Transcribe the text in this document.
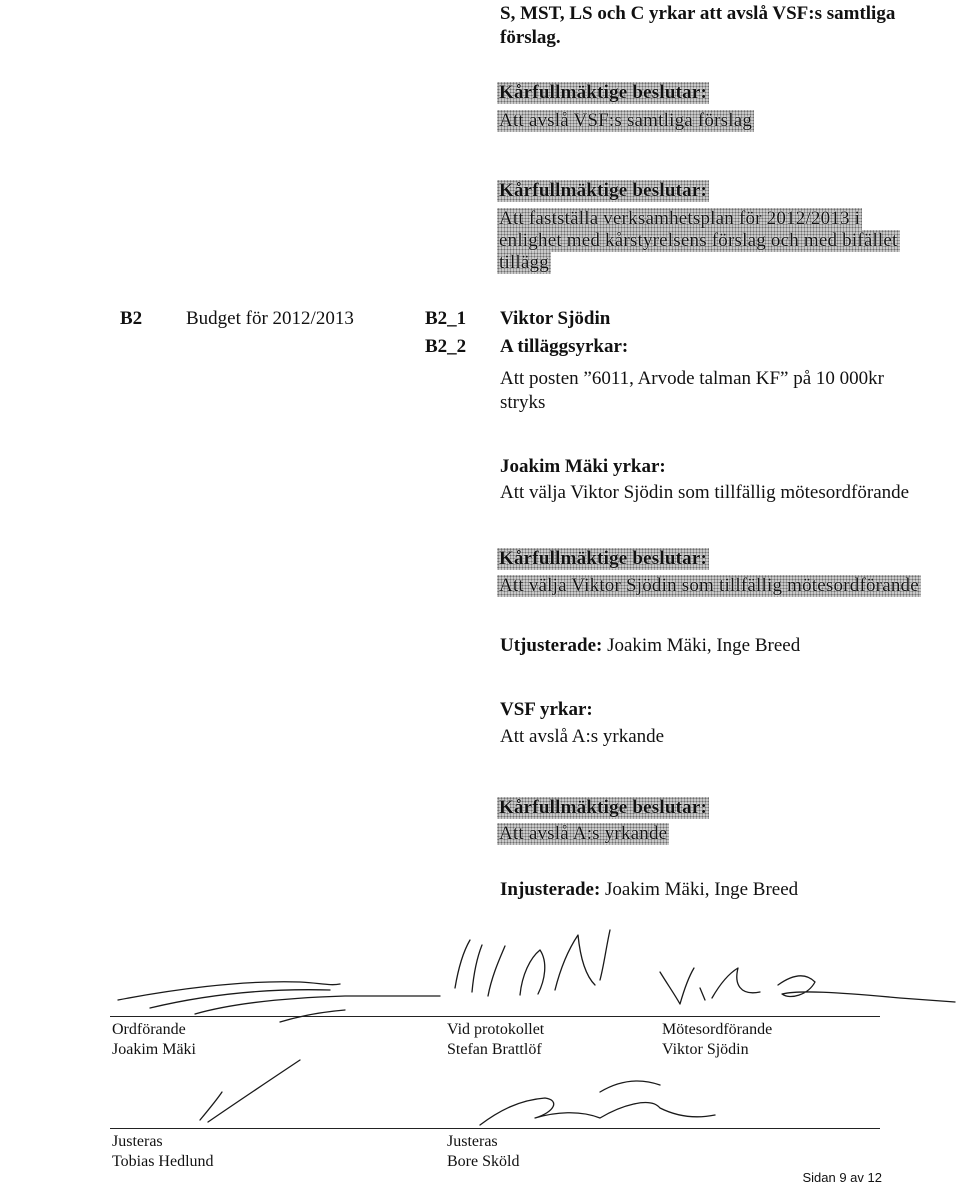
S, MST, LS och C yrkar att avslå VSF:s samtliga
förslag.
Kårfullmäktige beslutar:
Att avslå VSF:s samtliga förslag
Kårfullmäktige beslutar:
Att fastställa verksamhetsplan för 2012/2013 i
enlighet med kårstyrelsens förslag och med bifället
tillägg
B2 Budget för 2012/2013	B2_1 Viktor Sjödin
B2_2 A tilläggsyrkar:
Att posten ”6011, Arvode talman KF” på 10 000kr
stryks
Joakim Mäki yrkar:
Att välja Viktor Sjödin som tillfällig mötesordförande
Kårfullmäktige beslutar:
Att välja Viktor Sjödin som tillfällig mötesordförande
Utjusterade: Joakim Mäki, Inge Breed
VSF yrkar:
Att avslå A:s yrkande
Kårfullmäktige beslutar:
Att avslå A:s yrkande
Injusterade: Joakim Mäki, Inge Breed
Ordförande
Joakim Mäki
Vid protokollet
Stefan Brattlöf
Mötesordförande
Viktor Sjödin
Justeras
Tobias Hedlund
Justeras
Bore Sköld
Sidan 9 av 12
